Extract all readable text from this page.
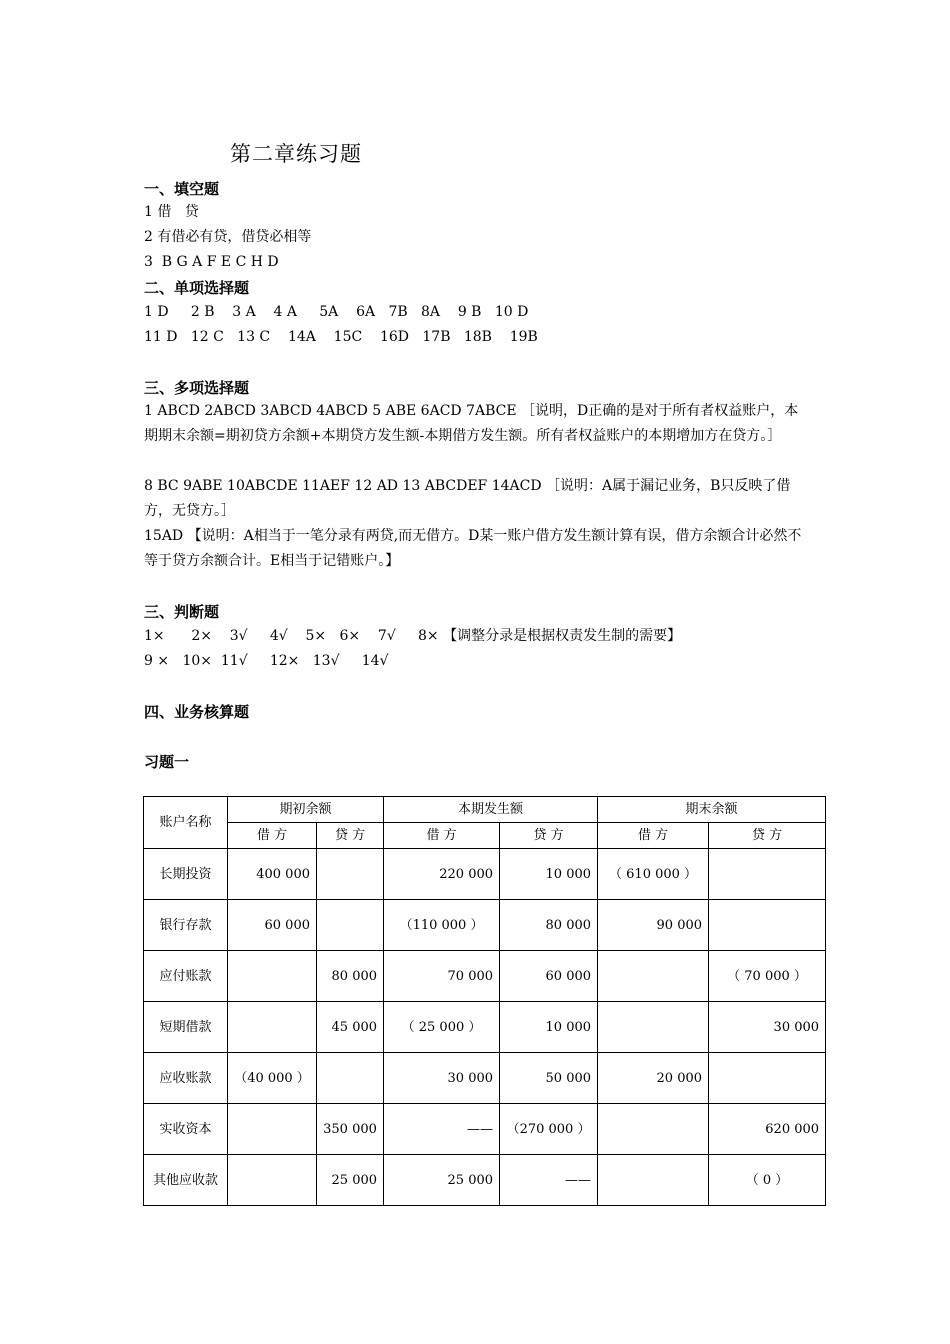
第二章练习题
一、填空题
1 借   贷
2 有借必有贷，借贷必相等
3  B G A F E C H D
二、单项选择题
1 D     2 B    3 A    4 A     5A    6A   7B   8A    9 B   10 D
11 D   12 C   13 C    14A    15C    16D   17B   18B    19B
三、多项选择题
1 ABCD 2ABCD 3ABCD 4ABCD 5 ABE 6ACD 7ABCE ［说明，D正确的是对于所有者权益账户，本期期末余额=期初贷方余额+本期贷方发生额-本期借方发生额。所有者权益账户的本期增加方在贷方。］
8 BC 9ABE 10ABCDE 11AEF 12 AD 13 ABCDEF 14ACD ［说明：A属于漏记业务，B只反映了借方，无贷方。］
15AD 【说明：A相当于一笔分录有两贷,而无借方。D某一账户借方发生额计算有误，借方余额合计必然不等于贷方余额合计。E相当于记错账户。】
三、判断题
1×      2×    3√     4√    5×   6×    7√     8× 【调整分录是根据权责发生制的需要】
9 ×   10×  11√     12×   13√     14√
四、业务核算题
习题一
账户名称	期初余额		本期发生额		期末余额	
	借 方	贷 方	借 方	贷 方	借 方	贷 方
长期投资	400 000		220 000	10 000	（ 610 000 ）	
银行存款	60 000		（110 000 ）	80 000	90 000	
应付账款		80 000	70 000	60 000		（ 70 000 ）
短期借款		45 000	（ 25 000 ）	10 000		30 000
应收账款	（40 000 ）		30 000	50 000	20 000	
实收资本		350 000	——	（270 000 ）		620 000
其他应收款		25 000	25 000	——		（ 0 ）
